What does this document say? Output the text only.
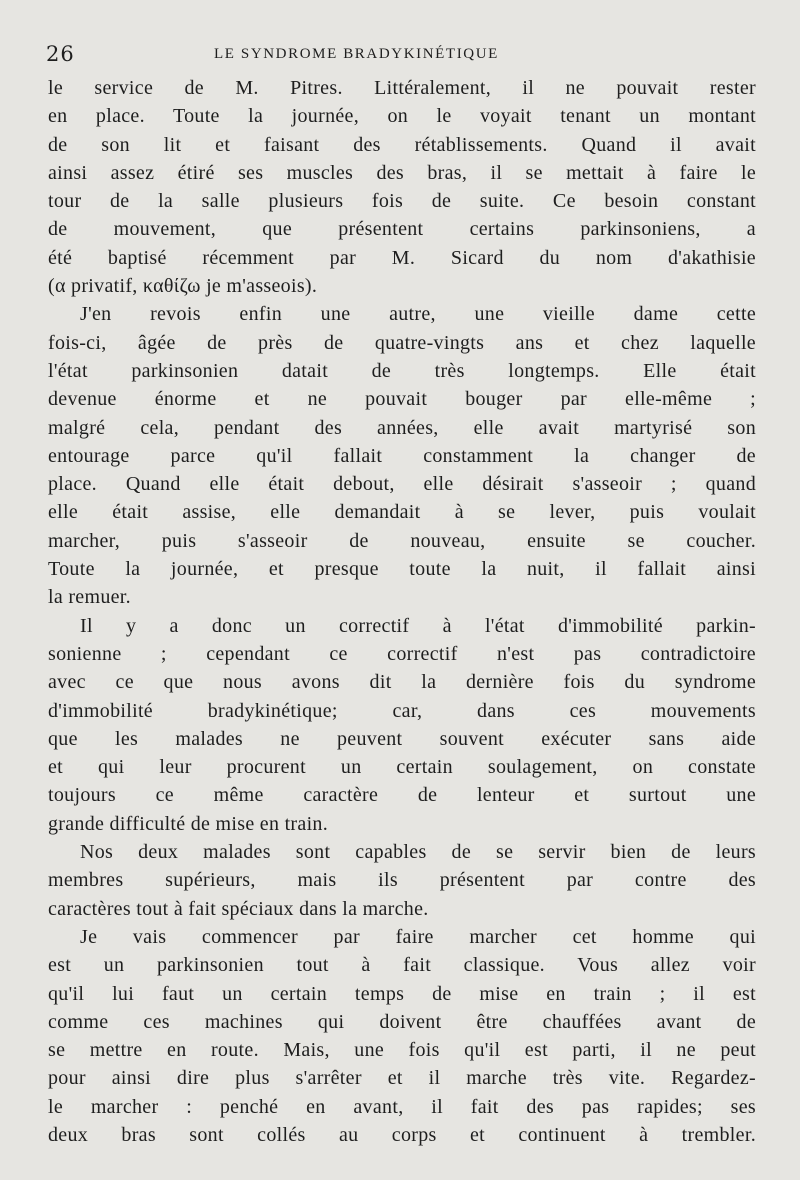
26	LE SYNDROME BRADYKINÉTIQUE
le service de M. Pitres. Littéralement, il ne pouvait rester
en place. Toute la journée, on le voyait tenant un montant
de son lit et faisant des rétablissements. Quand il avait
ainsi assez étiré ses muscles des bras, il se mettait à faire le
tour de la salle plusieurs fois de suite. Ce besoin constant
de mouvement, que présentent certains parkinsoniens, a
été baptisé récemment par M. Sicard du nom d'akathisie
(α privatif, καθίζω je m'asseois).
J'en revois enfin une autre, une vieille dame cette
fois-ci, âgée de près de quatre-vingts ans et chez laquelle
l'état parkinsonien datait de très longtemps. Elle était
devenue énorme et ne pouvait bouger par elle-même ;
malgré cela, pendant des années, elle avait martyrisé son
entourage parce qu'il fallait constamment la changer de
place. Quand elle était debout, elle désirait s'asseoir ; quand
elle était assise, elle demandait à se lever, puis voulait
marcher, puis s'asseoir de nouveau, ensuite se coucher.
Toute la journée, et presque toute la nuit, il fallait ainsi
la remuer.
Il y a donc un correctif à l'état d'immobilité parkin-
sonienne ; cependant ce correctif n'est pas contradictoire
avec ce que nous avons dit la dernière fois du syndrome
d'immobilité bradykinétique; car, dans ces mouvements
que les malades ne peuvent souvent exécuter sans aide
et qui leur procurent un certain soulagement, on constate
toujours ce même caractère de lenteur et surtout une
grande difficulté de mise en train.
Nos deux malades sont capables de se servir bien de leurs
membres supérieurs, mais ils présentent par contre des
caractères tout à fait spéciaux dans la marche.
Je vais commencer par faire marcher cet homme qui
est un parkinsonien tout à fait classique. Vous allez voir
qu'il lui faut un certain temps de mise en train ; il est
comme ces machines qui doivent être chauffées avant de
se mettre en route. Mais, une fois qu'il est parti, il ne peut
pour ainsi dire plus s'arrêter et il marche très vite. Regardez-
le marcher : penché en avant, il fait des pas rapides; ses
deux bras sont collés au corps et continuent à trembler.
